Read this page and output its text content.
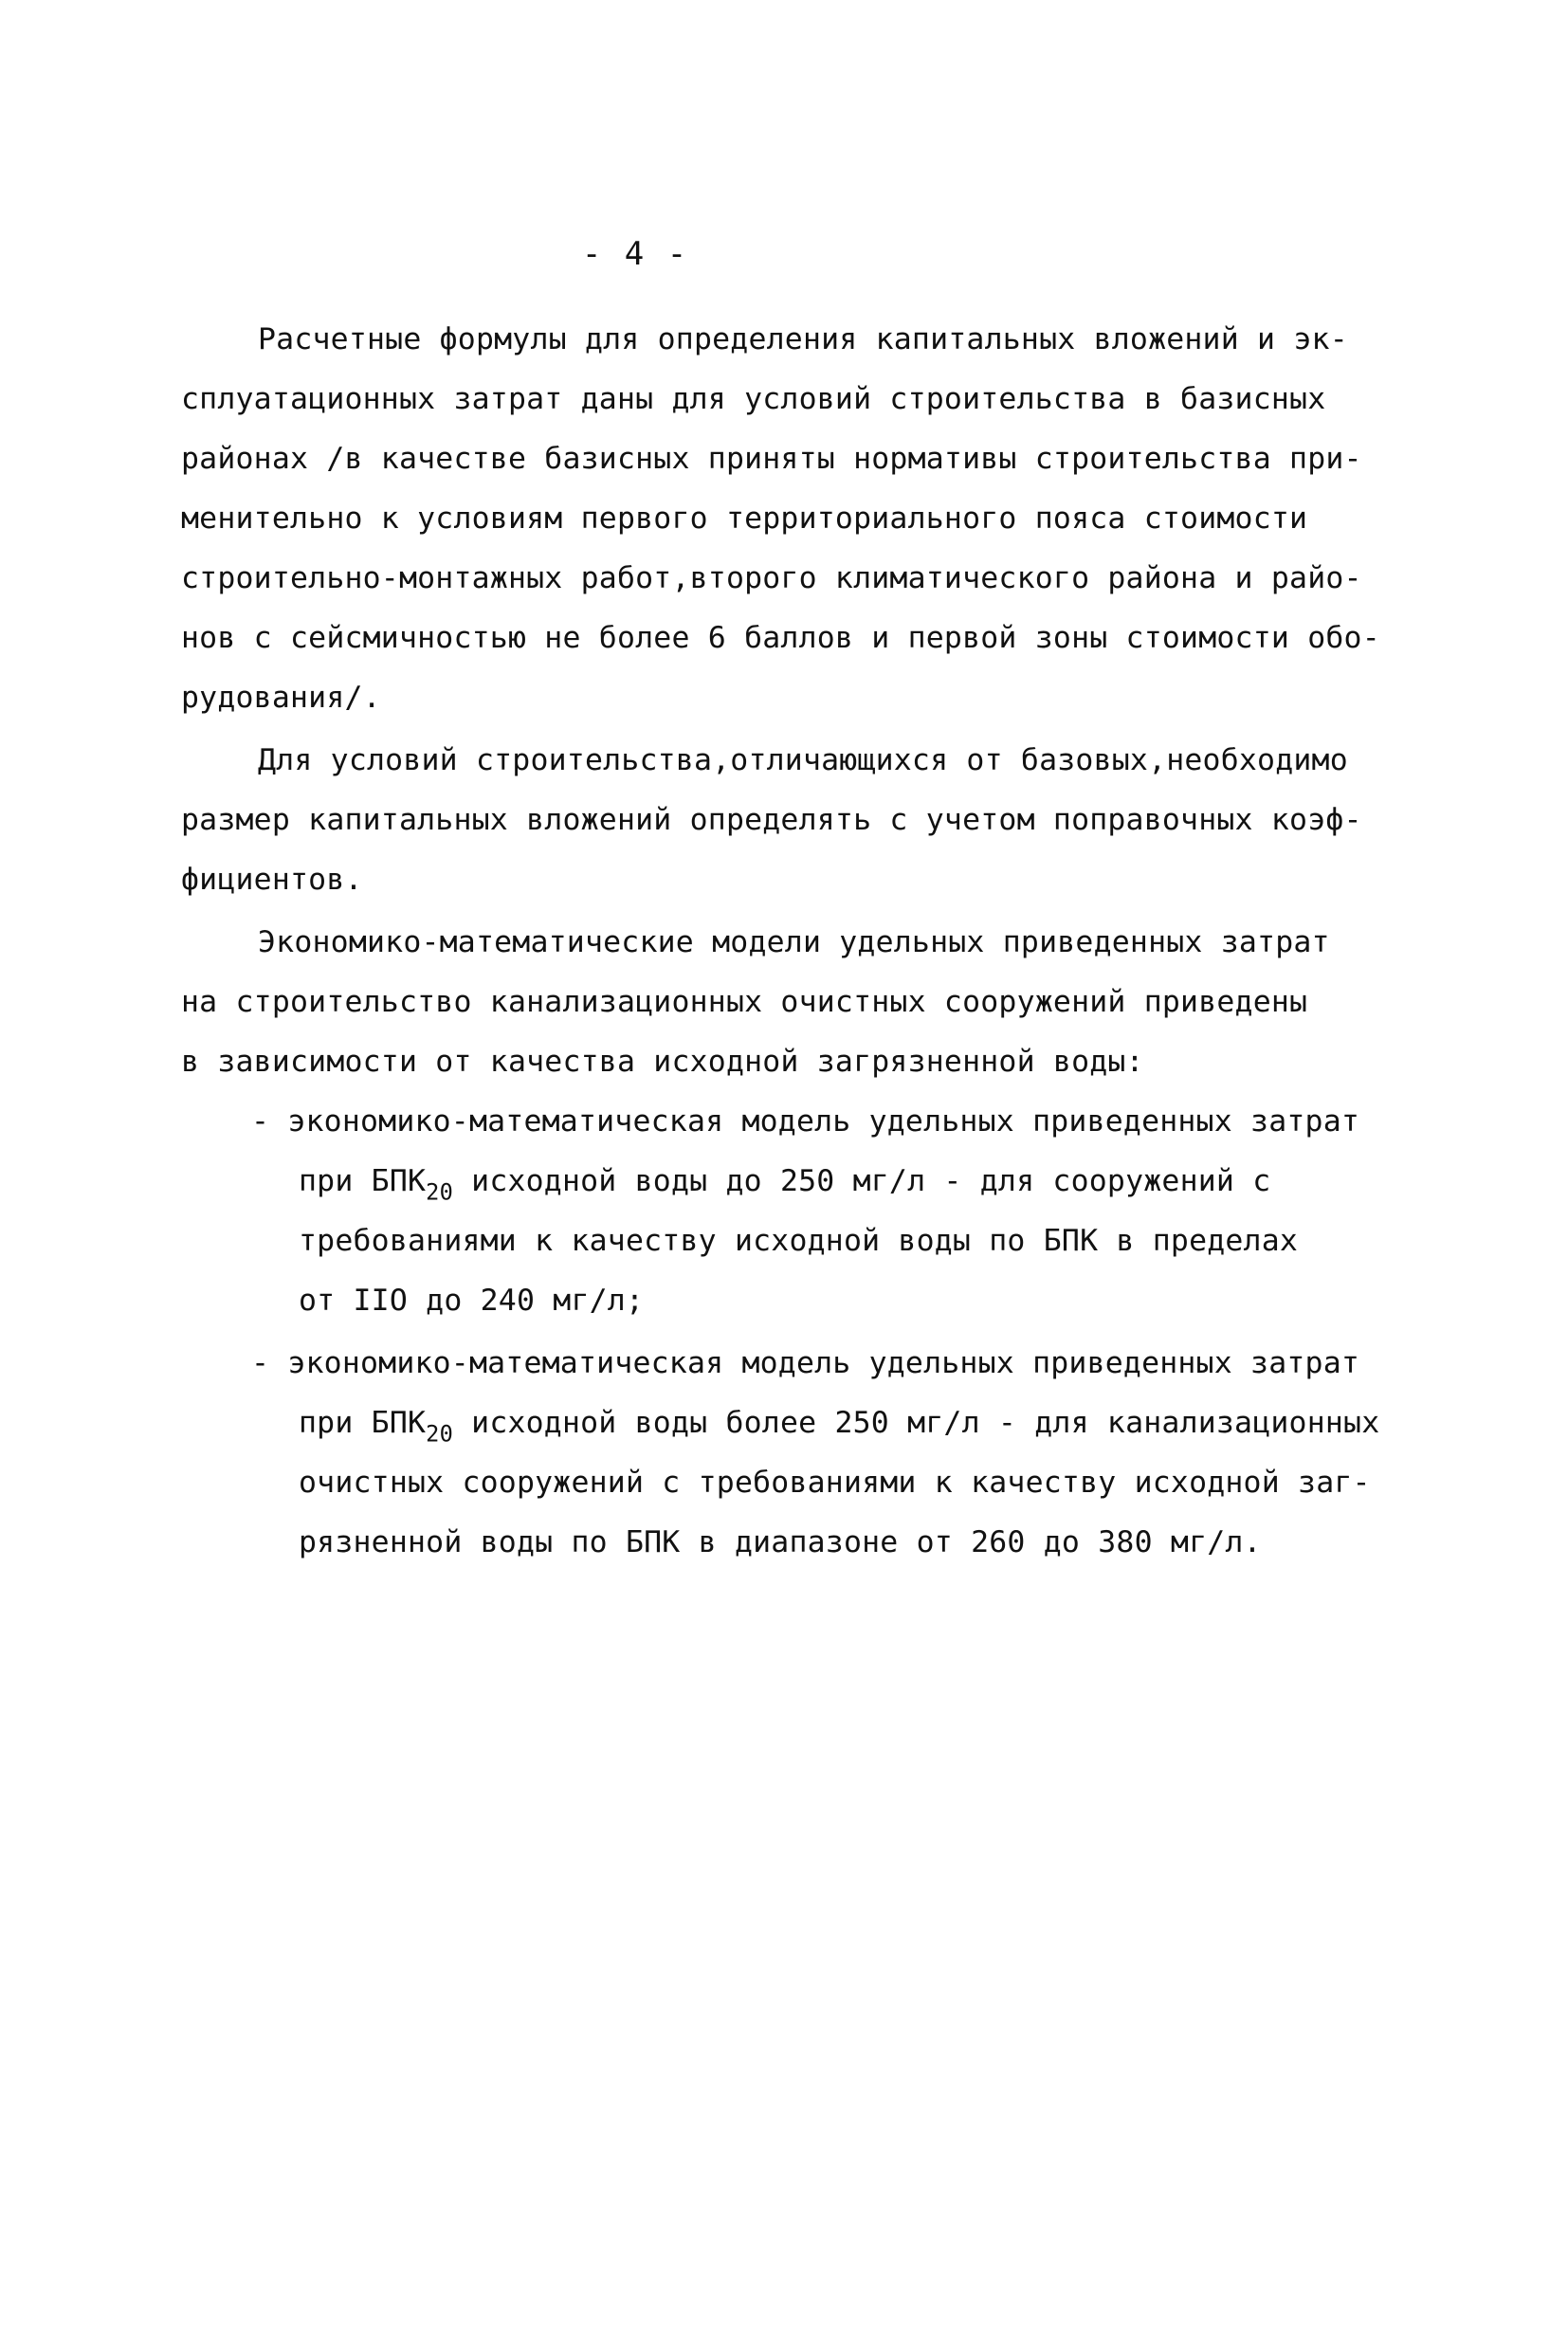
- 4 -
Расчетные формулы для определения капитальных вложений и эк-
сплуатационных затрат даны для условий строительства в базисных
районах /в качестве базисных приняты нормативы строительства при-
менительно к условиям первого территориального пояса стоимости
строительно-монтажных работ,второго климатического района и райо-
нов с сейсмичностью не более 6 баллов и первой зоны стоимости обо-
рудования/.
Для условий строительства,отличающихся от базовых,необходимо
размер капитальных вложений определять с учетом поправочных коэф-
фициентов.
Экономико-математические модели удельных приведенных затрат
на строительство канализационных очистных сооружений приведены
в зависимости от качества исходной загрязненной воды:
- экономико-математическая модель удельных приведенных затрат
при $БПК_{20}$ исходной воды до 250 мг/л - для сооружений с
требованиями к качеству исходной воды по БПК в пределах
от IIO до 240 мг/л;
- экономико-математическая модель удельных приведенных затрат
при $БПК_{20}$ исходной воды более 250 мг/л - для канализационных
очистных сооружений с требованиями к качеству исходной заг-
рязненной воды по БПК в диапазоне от 260 до 380 мг/л.
